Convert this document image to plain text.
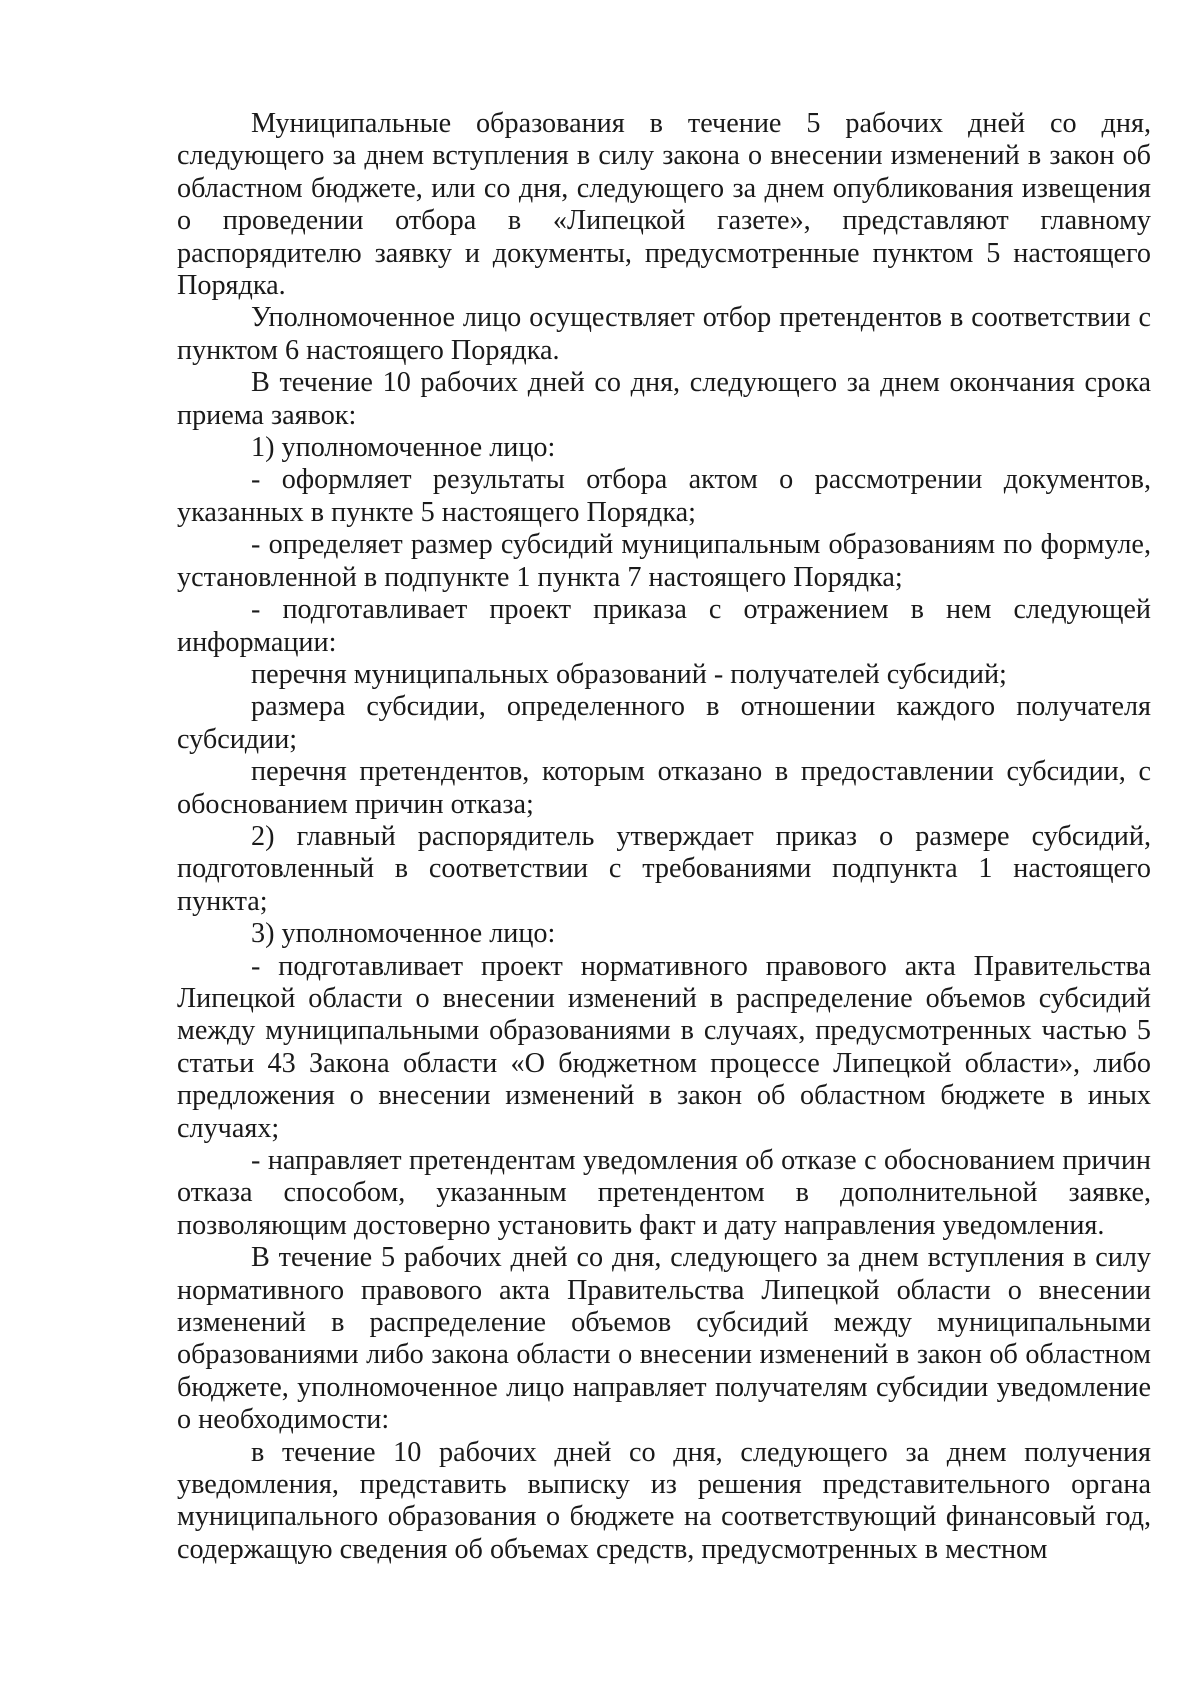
Муниципальные образования в течение 5 рабочих дней со дня, следующего за днем вступления в силу закона о внесении изменений в закон об областном бюджете, или со дня, следующего за днем опубликования извещения о проведении отбора в «Липецкой газете», представляют главному распорядителю заявку и документы, предусмотренные пунктом 5 настоящего Порядка.

Уполномоченное лицо осуществляет отбор претендентов в соответствии с пунктом 6 настоящего Порядка.

В течение 10 рабочих дней со дня, следующего за днем окончания срока приема заявок:

1) уполномоченное лицо:

- оформляет результаты отбора актом о рассмотрении документов, указанных в пункте 5 настоящего Порядка;

- определяет размер субсидий муниципальным образованиям по формуле, установленной в подпункте 1 пункта 7 настоящего Порядка;

- подготавливает проект приказа с отражением в нем следующей информации:

перечня муниципальных образований - получателей субсидий;

размера субсидии, определенного в отношении каждого получателя субсидии;

перечня претендентов, которым отказано в предоставлении субсидии, с обоснованием причин отказа;

2) главный распорядитель утверждает приказ о размере субсидий, подготовленный в соответствии с требованиями подпункта 1 настоящего пункта;

3) уполномоченное лицо:

- подготавливает проект нормативного правового акта Правительства Липецкой области о внесении изменений в распределение объемов субсидий между муниципальными образованиями в случаях, предусмотренных частью 5 статьи 43 Закона области «О бюджетном процессе Липецкой области», либо предложения о внесении изменений в закон об областном бюджете в иных случаях;

- направляет претендентам уведомления об отказе с обоснованием причин отказа способом, указанным претендентом в дополнительной заявке, позволяющим достоверно установить факт и дату направления уведомления.

В течение 5 рабочих дней со дня, следующего за днем вступления в силу нормативного правового акта Правительства Липецкой области о внесении изменений в распределение объемов субсидий между муниципальными образованиями либо закона области о внесении изменений в закон об областном бюджете, уполномоченное лицо направляет получателям субсидии уведомление о необходимости:

в течение 10 рабочих дней со дня, следующего за днем получения уведомления, представить выписку из решения представительного органа муниципального образования о бюджете на соответствующий финансовый год, содержащую сведения об объемах средств, предусмотренных в местном
